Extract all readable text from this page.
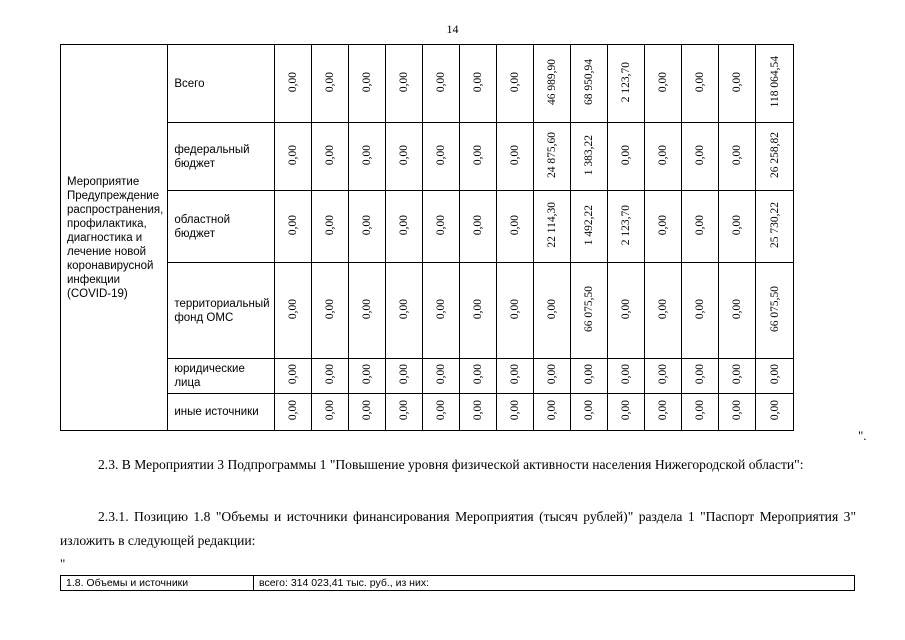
14
Мероприятие Предупреждение распространения, профилактика, диагностика и лечение новой коронавирусной инфекции (COVID-19)	Всего	0,00	0,00	0,00	0,00	0,00	0,00	0,00	46 989,90	68 950,94	2 123,70	0,00	0,00	0,00	118 064,54
	федеральный бюджет	0,00	0,00	0,00	0,00	0,00	0,00	0,00	24 875,60	1 383,22	0,00	0,00	0,00	0,00	26 258,82
	областной бюджет	0,00	0,00	0,00	0,00	0,00	0,00	0,00	22 114,30	1 492,22	2 123,70	0,00	0,00	0,00	25 730,22
	территориальный фонд ОМС	0,00	0,00	0,00	0,00	0,00	0,00	0,00	0,00	66 075,50	0,00	0,00	0,00	0,00	66 075,50
	юридические лица	0,00	0,00	0,00	0,00	0,00	0,00	0,00	0,00	0,00	0,00	0,00	0,00	0,00	0,00
	иные источники	0,00	0,00	0,00	0,00	0,00	0,00	0,00	0,00	0,00	0,00	0,00	0,00	0,00	0,00
".
2.3. В Мероприятии 3 Подпрограммы 1 "Повышение уровня физической активности населения Нижегородской области":
2.3.1. Позицию 1.8 "Объемы и источники финансирования Мероприятия (тысяч рублей)" раздела 1 "Паспорт Мероприятия 3" изложить в следующей редакции:
"
1.8. Объемы и источники	всего: 314 023,41 тыс. руб., из них:
